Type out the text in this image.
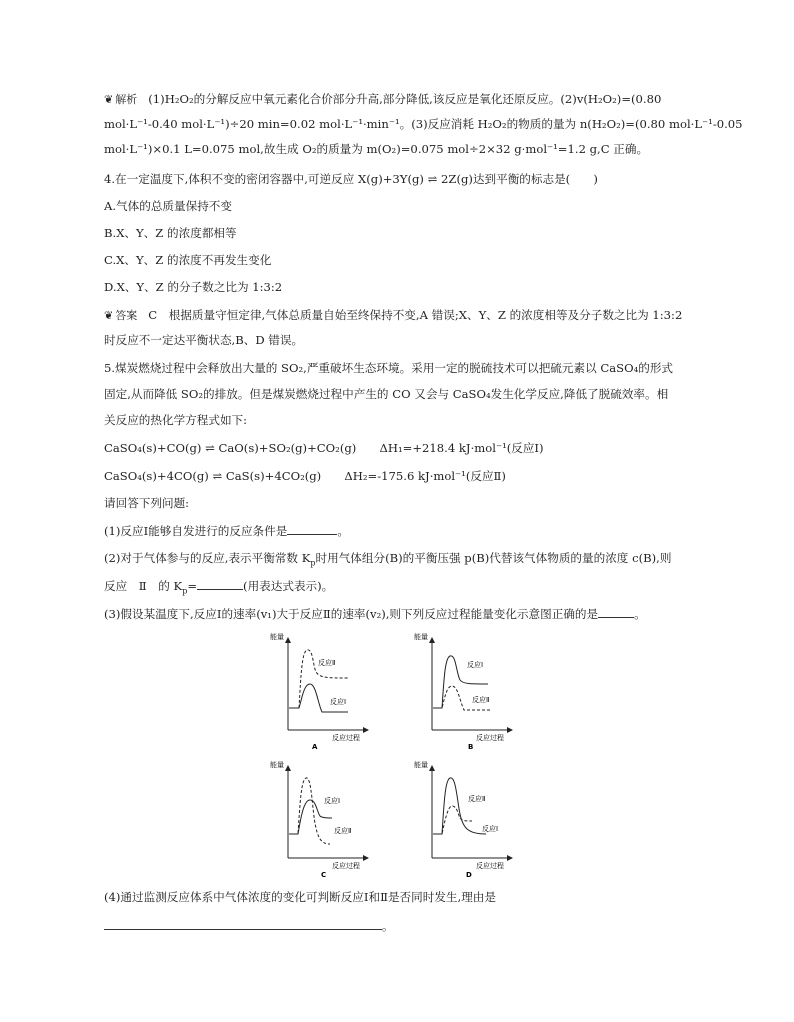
❦ 解析 (1)H₂O₂的分解反应中氧元素化合价部分升高,部分降低,该反应是氧化还原反应。(2)v(H₂O₂)=(0.80
mol·L⁻¹-0.40 mol·L⁻¹)÷20 min=0.02 mol·L⁻¹·min⁻¹。(3)反应消耗 H₂O₂的物质的量为 n(H₂O₂)=(0.80 mol·L⁻¹-0.05
mol·L⁻¹)×0.1 L=0.075 mol,故生成 O₂的质量为 m(O₂)=0.075 mol÷2×32 g·mol⁻¹=1.2 g,C 正确。
4.在一定温度下,体积不变的密闭容器中,可逆反应 X(g)+3Y(g) ⇌ 2Z(g)达到平衡的标志是(　　)
A.气体的总质量保持不变
B.X、Y、Z 的浓度都相等
C.X、Y、Z 的浓度不再发生变化
D.X、Y、Z 的分子数之比为 1:3:2
❦ 答案 C　根据质量守恒定律,气体总质量自始至终保持不变,A 错误;X、Y、Z 的浓度相等及分子数之比为 1:3:2
时反应不一定达平衡状态,B、D 错误。
5.煤炭燃烧过程中会释放出大量的 SO₂,严重破坏生态环境。采用一定的脱硫技术可以把硫元素以 CaSO₄的形式
固定,从而降低 SO₂的排放。但是煤炭燃烧过程中产生的 CO 又会与 CaSO₄发生化学反应,降低了脱硫效率。相
关反应的热化学方程式如下:
CaSO₄(s)+CO(g) ⇌ CaO(s)+SO₂(g)+CO₂(g)　　ΔH₁=+218.4 kJ·mol⁻¹(反应Ⅰ)
CaSO₄(s)+4CO(g) ⇌ CaS(s)+4CO₂(g)　　ΔH₂=-175.6 kJ·mol⁻¹(反应Ⅱ)
请回答下列问题:
(1)反应Ⅰ能够自发进行的反应条件是	。
(2)对于气体参与的反应,表示平衡常数 $K_p$时用气体组分(B)的平衡压强 p(B)代替该气体物质的量的浓度 c(B),则
反应　Ⅱ　的 $K_p=$	(用表达式表示)。
(3)假设某温度下,反应Ⅰ的速率(v₁)大于反应Ⅱ的速率(v₂),则下列反应过程能量变化示意图正确的是	。
能量
反应过程
A
反应Ⅱ
反应Ⅰ
能量
反应过程
B
反应Ⅰ
反应Ⅱ
能量
反应过程
C
反应Ⅰ
反应Ⅱ
能量
反应过程
D
反应Ⅱ
反应Ⅰ
(4)通过监测反应体系中气体浓度的变化可判断反应Ⅰ和Ⅱ是否同时发生,理由是
。
